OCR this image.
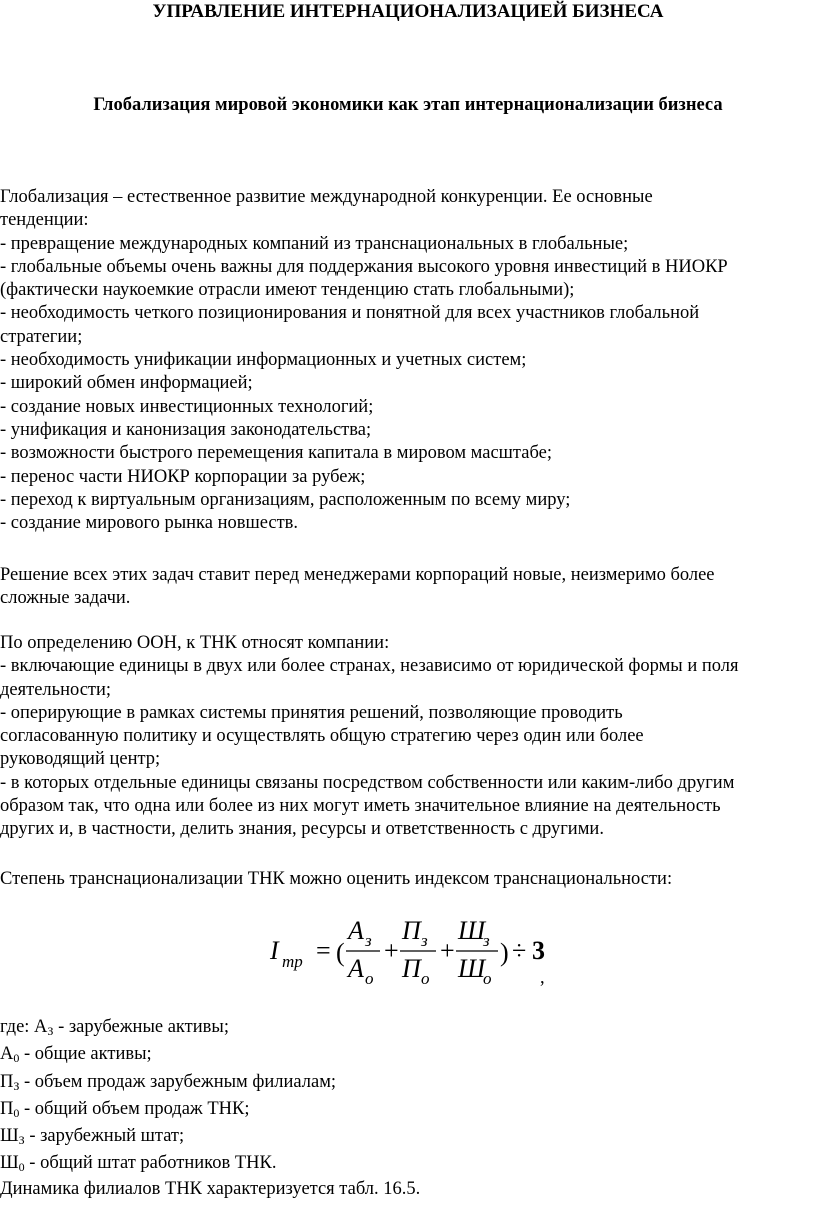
УПРАВЛЕНИЕ ИНТЕРНАЦИОНАЛИЗАЦИЕЙ БИЗНЕСА
Глобализация мировой экономики как этап интернационализации бизнеса
Глобализация – естественное развитие международной конкуренции. Ее основные
тенденции:
- превращение международных компаний из транснациональных в глобальные;
- глобальные объемы очень важны для поддержания высокого уровня инвестиций в НИОКР
(фактически наукоемкие отрасли имеют тенденцию стать глобальными);
- необходимость четкого позиционирования и понятной для всех участников глобальной
стратегии;
- необходимость унификации информационных и учетных систем;
- широкий обмен информацией;
- создание новых инвестиционных технологий;
- унификация и канонизация законодательства;
- возможности быстрого перемещения капитала в мировом масштабе;
- перенос части НИОКР корпорации за рубеж;
- переход к виртуальным организациям, расположенным по всему миру;
- создание мирового рынка новшеств.
Решение всех этих задач ставит перед менеджерами корпораций новые, неизмеримо более
сложные задачи.
По определению ООН, к ТНК относят компании:
- включающие единицы в двух или более странах, независимо от юридической формы и поля
деятельности;
- оперирующие в рамках системы принятия решений, позволяющие проводить
согласованную политику и осуществлять общую стратегию через один или более
руководящий центр;
- в которых отдельные единицы связаны посредством собственности или каким-либо другим
образом так, что одна или более из них могут иметь значительное влияние на деятельность
других и, в частности, делить знания, ресурсы и ответственность с другими.
Степень транснационализации ТНК можно оценить индексом транснациональности:
I тр = (
А з
А о
+
П з
П о
+
Ш
з
Ш
о
) ÷ 3
,
где: $А_З$ - зарубежные активы;
$А_0$ - общие активы;
$П_З$ - объем продаж зарубежным филиалам;
$П_0$ - общий объем продаж ТНК;
$Ш_З$ - зарубежный штат;
$Ш_0$ - общий штат работников ТНК.
Динамика филиалов ТНК характеризуется табл. 16.5.
